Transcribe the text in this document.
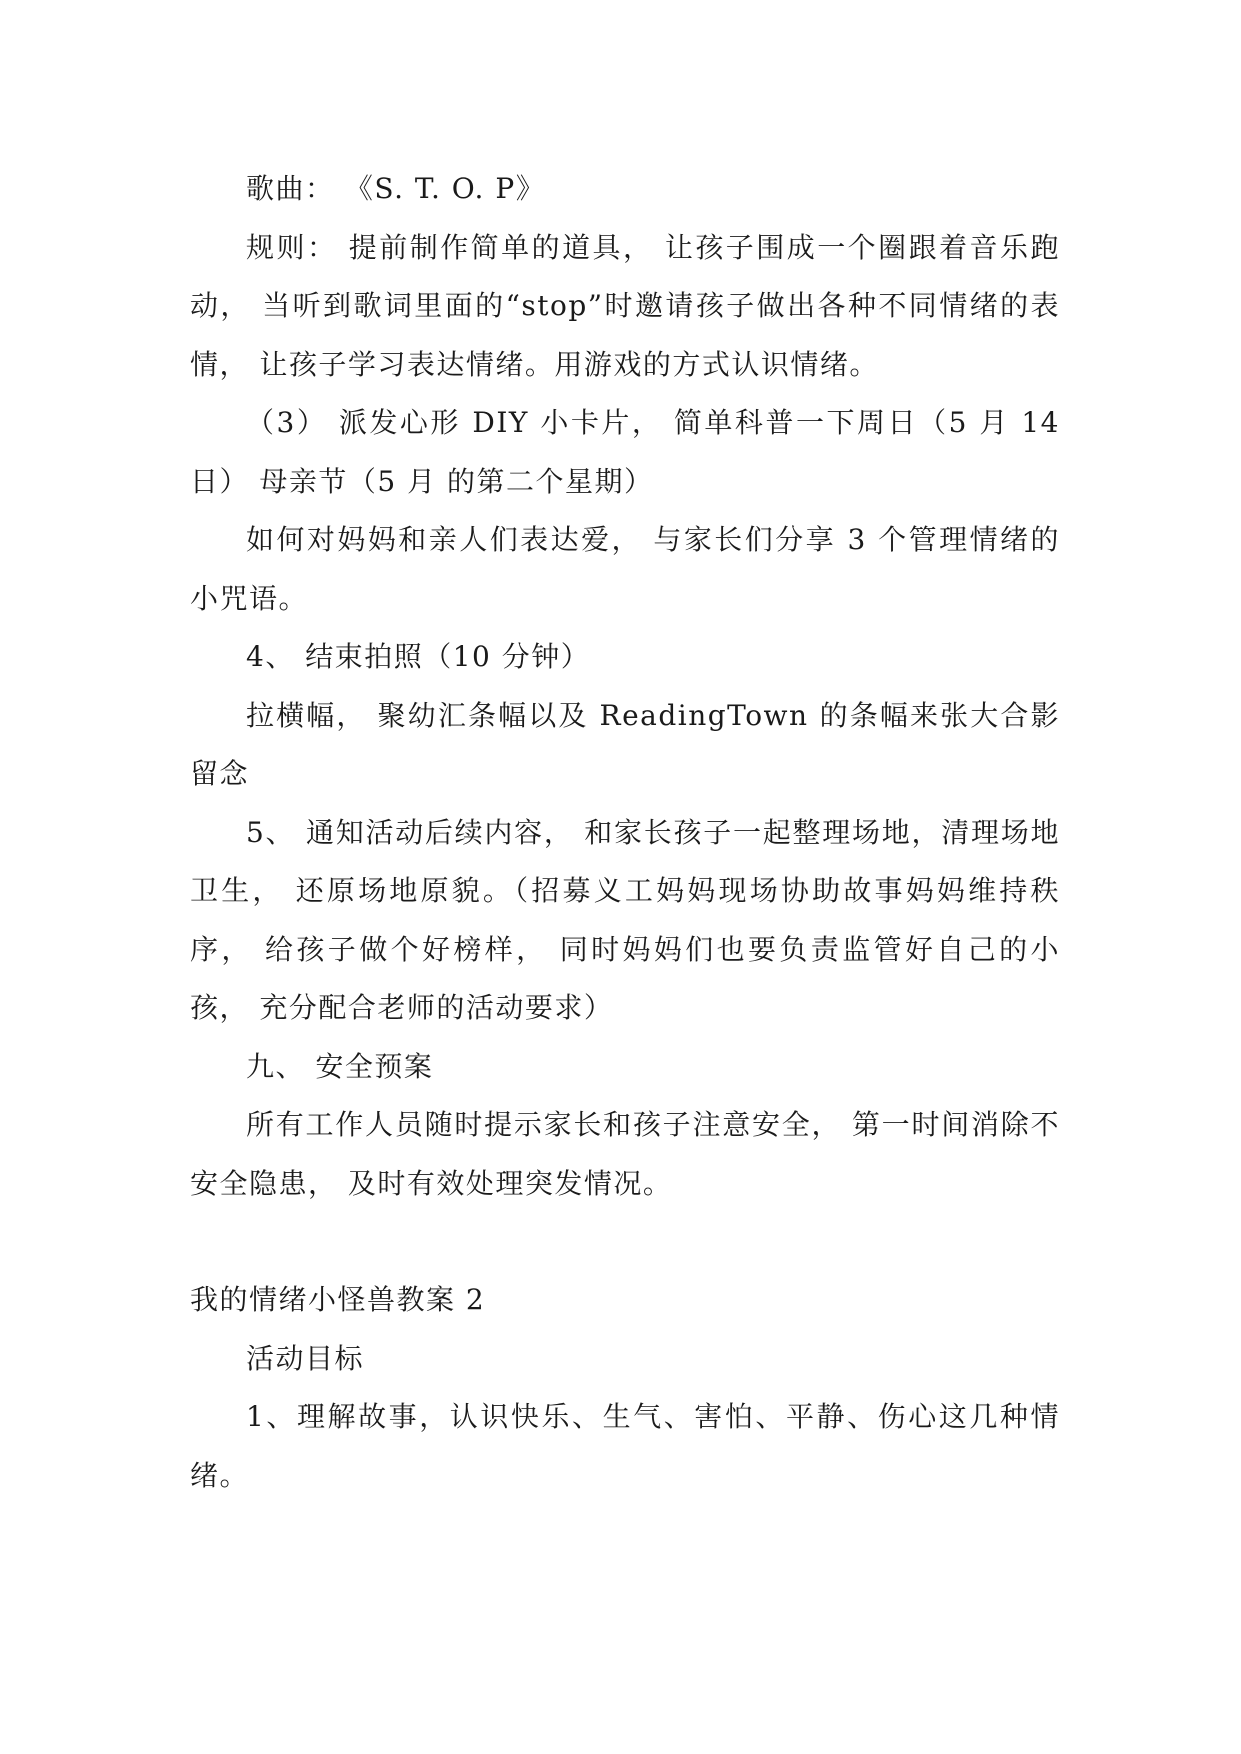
歌曲： 《S. T. O. P》

规则： 提前制作简单的道具， 让孩子围成一个圈跟着音乐跑动， 当听到歌词里面的“stop”时邀请孩子做出各种不同情绪的表情， 让孩子学习表达情绪。用游戏的方式认识情绪。

（3） 派发心形 DIY 小卡片， 简单科普一下周日（5 月 14 日） 母亲节（5 月 的第二个星期）

如何对妈妈和亲人们表达爱， 与家长们分享 3 个管理情绪的小咒语。

4、 结束拍照（10 分钟）

拉横幅， 聚幼汇条幅以及 ReadingTown 的条幅来张大合影留念

5、 通知活动后续内容， 和家长孩子一起整理场地，清理场地卫生， 还原场地原貌。（招募义工妈妈现场协助故事妈妈维持秩序， 给孩子做个好榜样， 同时妈妈们也要负责监管好自己的小孩， 充分配合老师的活动要求）

九、 安全预案

所有工作人员随时提示家长和孩子注意安全， 第一时间消除不安全隐患， 及时有效处理突发情况。

我的情绪小怪兽教案 2

活动目标

1、理解故事，认识快乐、生气、害怕、平静、伤心这几种情绪。
